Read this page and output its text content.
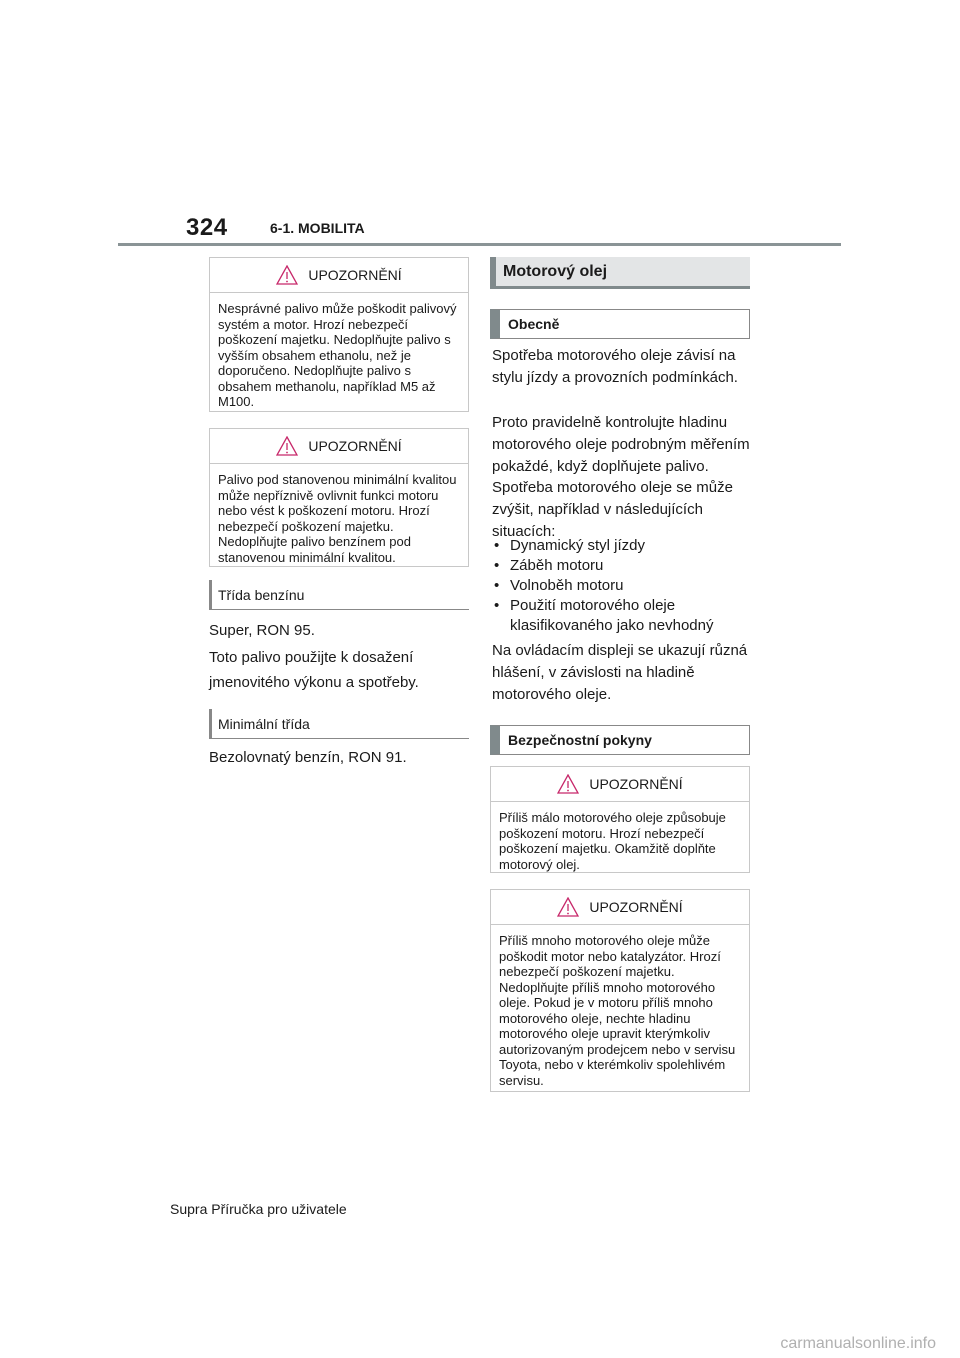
324	6-1. MOBILITA
UPOZORNĚNÍ
Nesprávné palivo může poškodit palivový systém a motor. Hrozí nebezpečí poškození majetku. Nedoplňujte palivo s vyšším obsahem ethanolu, než je doporučeno. Nedoplňujte palivo s obsahem methanolu, například M5 až M100.
UPOZORNĚNÍ
Palivo pod stanovenou minimální kvalitou může nepříznivě ovlivnit funkci motoru nebo vést k poškození motoru. Hrozí nebezpečí poškození majetku. Nedoplňujte palivo benzínem pod stanovenou minimální kvalitou.
Třída benzínu
Super, RON 95.
Toto palivo použijte k dosažení jmenovitého výkonu a spotřeby.
Minimální třída
Bezolovnatý benzín, RON 91.
Motorový olej
Obecně
Spotřeba motorového oleje závisí na stylu jízdy a provozních podmínkách.
Proto pravidelně kontrolujte hladinu motorového oleje podrobným měřením pokaždé, když doplňujete palivo.
Spotřeba motorového oleje se může zvýšit, například v následujících situacích:
• Dynamický styl jízdy
• Záběh motoru
• Volnoběh motoru
• Použití motorového oleje klasifikovaného jako nevhodný
Na ovládacím displeji se ukazují různá hlášení, v závislosti na hladině motorového oleje.
Bezpečnostní pokyny
UPOZORNĚNÍ
Příliš málo motorového oleje způsobuje poškození motoru. Hrozí nebezpečí poškození majetku. Okamžitě doplňte motorový olej.
UPOZORNĚNÍ
Příliš mnoho motorového oleje může poškodit motor nebo katalyzátor. Hrozí nebezpečí poškození majetku. Nedoplňujte příliš mnoho motorového oleje. Pokud je v motoru příliš mnoho motorového oleje, nechte hladinu motorového oleje upravit kterýmkoliv autorizovaným prodejcem nebo v servisu Toyota, nebo v kterémkoliv spolehlivém servisu.
Supra Příručka pro uživatele
carmanualsonline.info
